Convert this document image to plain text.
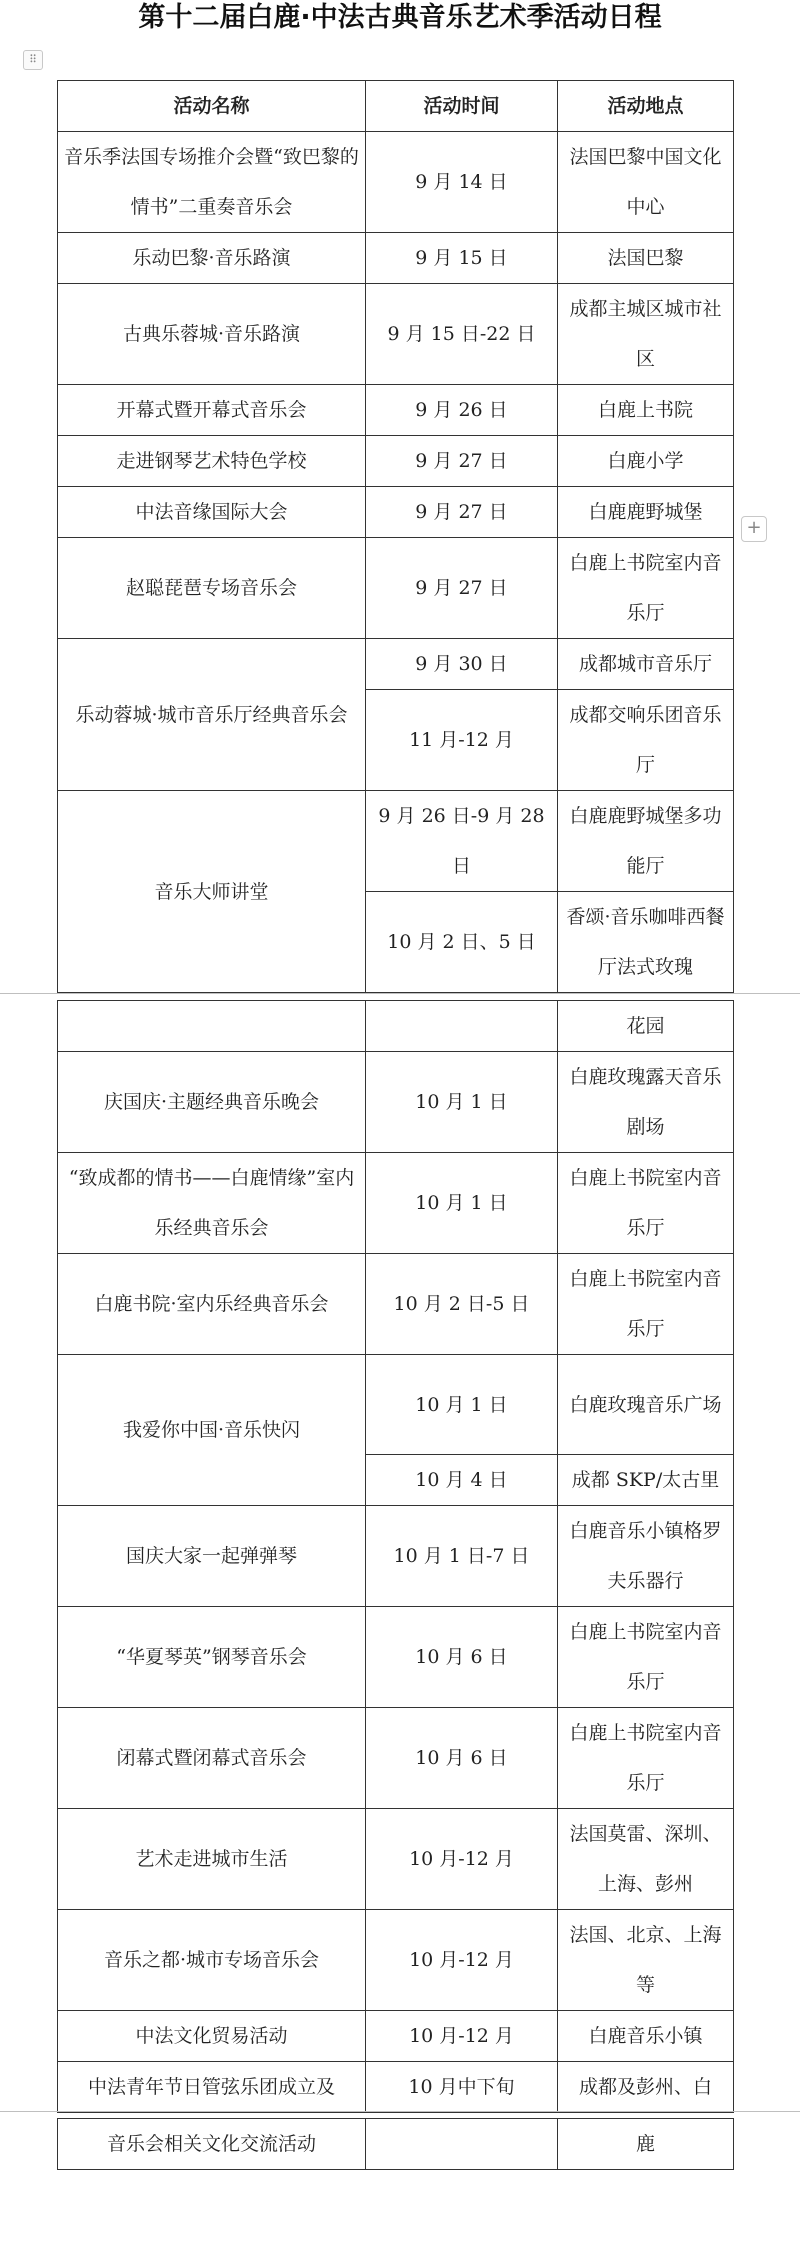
第十二届白鹿·中法古典音乐艺术季活动日程
⠿
+
活动名称	活动时间	活动地点
音乐季法国专场推介会暨“致巴黎的情书”二重奏音乐会	9 月 14 日	法国巴黎中国文化中心
乐动巴黎·音乐路演	9 月 15 日	法国巴黎
古典乐蓉城·音乐路演	9 月 15 日-22 日	成都主城区城市社区
开幕式暨开幕式音乐会	9 月 26 日	白鹿上书院
走进钢琴艺术特色学校	9 月 27 日	白鹿小学
中法音缘国际大会	9 月 27 日	白鹿鹿野城堡
赵聪琵琶专场音乐会	9 月 27 日	白鹿上书院室内音乐厅
乐动蓉城·城市音乐厅经典音乐会	9 月 30 日	成都城市音乐厅
	11 月-12 月	成都交响乐团音乐厅
音乐大师讲堂	9 月 26 日-9 月 28 日	白鹿鹿野城堡多功能厅
	10 月 2 日、5 日	香颂·音乐咖啡西餐厅法式玫瑰
		花园
庆国庆·主题经典音乐晚会	10 月 1 日	白鹿玫瑰露天音乐剧场
“致成都的情书——白鹿情缘”室内乐经典音乐会	10 月 1 日	白鹿上书院室内音乐厅
白鹿书院·室内乐经典音乐会	10 月 2 日-5 日	白鹿上书院室内音乐厅
我爱你中国·音乐快闪	10 月 1 日	白鹿玫瑰音乐广场
	10 月 4 日	成都 SKP/太古里
国庆大家一起弹弹琴	10 月 1 日-7 日	白鹿音乐小镇格罗夫乐器行
“华夏琴英”钢琴音乐会	10 月 6 日	白鹿上书院室内音乐厅
闭幕式暨闭幕式音乐会	10 月 6 日	白鹿上书院室内音乐厅
艺术走进城市生活	10 月-12 月	法国莫雷、深圳、上海、彭州
音乐之都·城市专场音乐会	10 月-12 月	法国、北京、上海等
中法文化贸易活动	10 月-12 月	白鹿音乐小镇
中法青年节日管弦乐团成立及	10 月中下旬	成都及彭州、白
音乐会相关文化交流活动		鹿
